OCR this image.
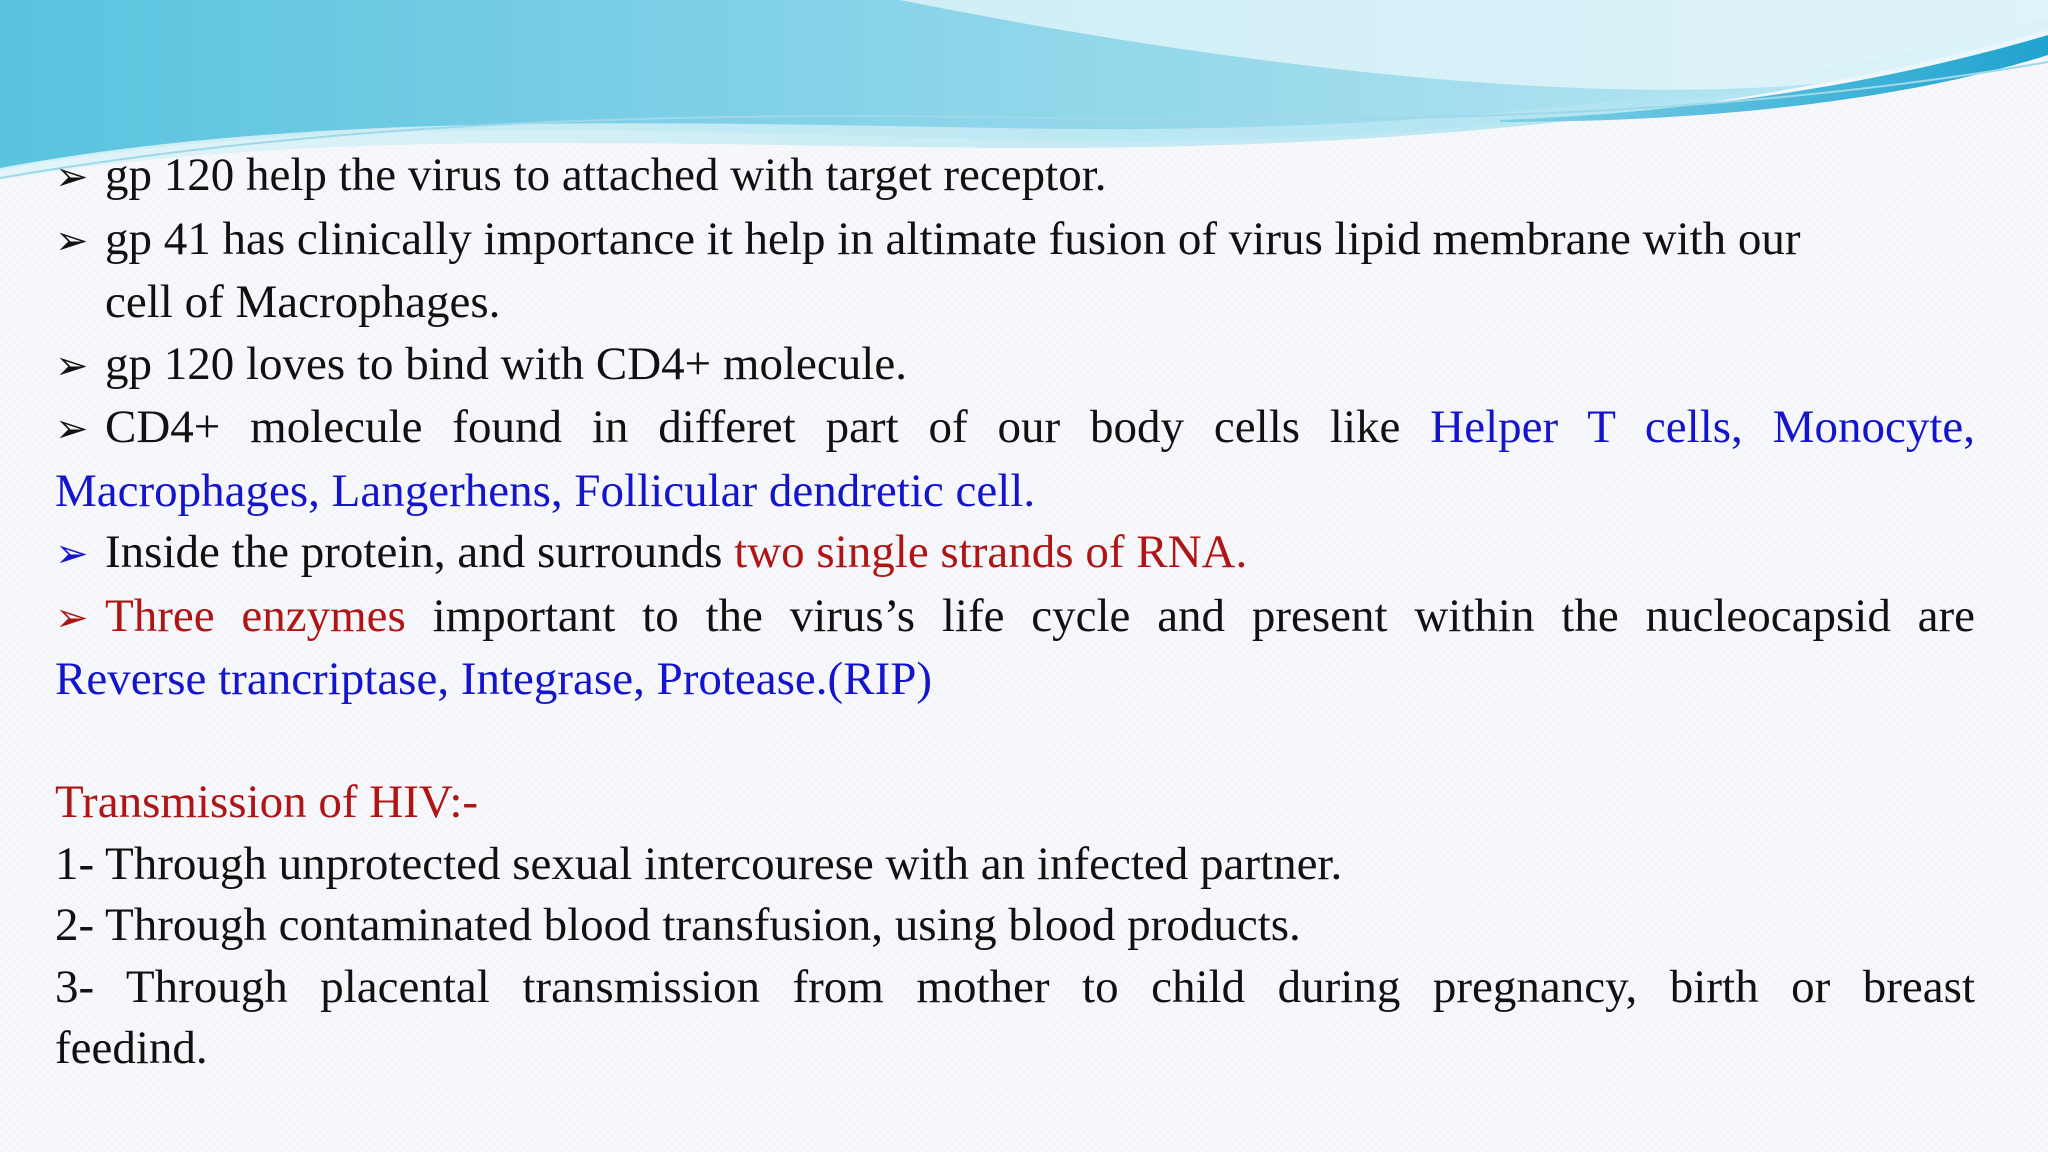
➢ gp 120 help the virus to attached with target receptor.
➢ gp 41 has clinically importance it help in altimate fusion of virus lipid membrane with our
cell of Macrophages.
➢ gp 120 loves to bind with CD4+ molecule.
➢ CD4+ molecule found in differet part of our body cells like Helper T cells, Monocyte,
Macrophages, Langerhens, Follicular dendretic cell.
➢ Inside the protein, and surrounds two single strands of RNA.
➢ Three enzymes important to the virus’s life cycle and present within the nucleocapsid are
Reverse trancriptase, Integrase, Protease.(RIP)
Transmission of HIV:-
1- Through unprotected sexual intercourese with an infected partner.
2- Through contaminated blood transfusion, using blood products.
3- Through placental transmission from mother to child during pregnancy, birth or breast
feedind.
